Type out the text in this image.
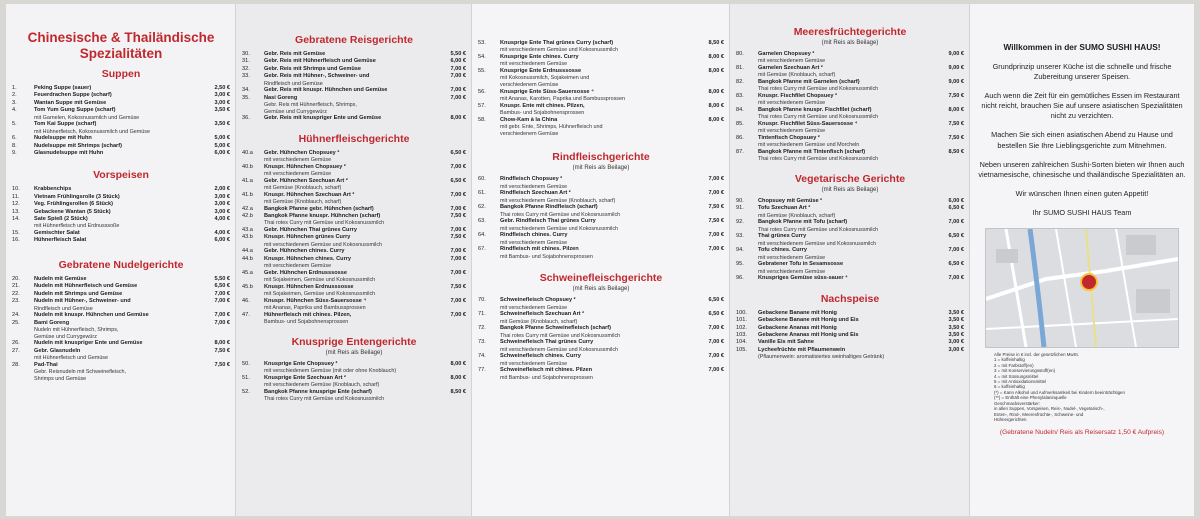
Chinesische & Thailändische
Spezialitäten
Suppen
1.	Peking Suppe (sauer)	2,50 €
2.	Feuerdrachen Suppe (scharf)	3,00 €
3.	Wantan Suppe mit Gemüse	3,00 €
4.	Tom Yum Gung Suppe (scharf)	3,50 €
mit Garnelen, Kokosnussmilch und Gemüse
5.	Tom Kai Suppe (scharf)	3,50 €
mit Hühnerfleisch, Kokosnussmilch und Gemüse
6.	Nudelsuppe mit Huhn	5,00 €
8.	Nudelsuppe mit Shrimps (scharf)	5,00 €
9.	Glasnudelsuppe mit Huhn	6,00 €
Vorspeisen
10.	Krabbenchips	2,00 €
11.	Vietnam Frühlingsrolle (3 Stück)	3,00 €
12.	Veg. Frühlingsrollen (6 Stück)	3,00 €
13.	Gebackene Wantan (5 Stück)	3,00 €
14.	Sate Spieß (2 Stück)	4,00 €
mit Hühnerfleisch und Erdnusssoße
15.	Gemischter Salat	4,00 €
16.	Hühnerfleisch Salat	6,00 €
Gebratene Nudelgerichte
20.	Nudeln mit Gemüse	5,50 €
21.	Nudeln mit Hühnerfleisch und Gemüse	6,50 €
22.	Nudeln mit Shrimps und Gemüse	7,00 €
23.	Nudeln mit Hühner-, Schweiner- und	7,00 €
Rindfleisch und Gemüse
24.	Nudeln mit knuspr. Hühnchen und Gemüse	7,00 €
25.	Bami Goreng	7,00 €
Nudeln mit Hühnerfleisch, Shrimps,
Gemüse und Currygewürz
26.	Nudeln mit knuspriger Ente und Gemüse	8,00 €
27.	Gebr. Glasnudeln	7,50 €
mit Hühnerfleisch und Gemüse
28.	Pad-Thai	7,50 €
Gebr. Reisnudeln mit Schweinefleisch,
Shrimps und Gemüse
Gebratene Reisgerichte
30.	Gebr. Reis mit Gemüse	5,50 €
31.	Gebr. Reis mit Hühnerfleisch und Gemüse	6,00 €
32.	Gebr. Reis mit Shrimps und Gemüse	7,00 €
33.	Gebr. Reis mit Hühner-, Schweiner- und	7,00 €
Rindfleisch und Gemüse
34.	Gebr. Reis mit knuspr. Hühnchen und Gemüse	7,00 €
35.	Nasi Goreng	7,00 €
Gebr. Reis mit Hühnerfleisch, Shrimps,
Gemüse und Currygewürz
36.	Gebr. Reis mit knuspriger Ente und Gemüse	8,00 €
Hühnerfleischgerichte
40.a	Gebr. Hühnchen Chopsuey ²	6,50 €
mit verschiedenem Gemüse
40.b	Knuspr. Hühnchen Chopsuey ²	7,00 €
mit verschiedenem Gemüse
41.a	Gebr. Hühnchen Szechuan Art ²	6,50 €
mit Gemüse (Knoblauch, scharf)
41.b	Knuspr. Hühnchen Szechuan Art ²	7,00 €
mit Gemüse (Knoblauch, scharf)
42.a	Bangkok Pfanne gebr. Hühnchen (scharf)	7,00 €
42.b	Bangkok Pfanne knuspr. Hühnchen (scharf)	7,50 €
Thai rotes Curry mit Gemüse und Kokosnussmilch
43.a	Gebr. Hühnchen Thai grünes Curry	7,00 €
43.b	Knuspr. Hühnchen grünes Curry	7,50 €
mit verschiedenem Gemüse und Kokosnussmilch
44.a	Gebr. Hühnchen chines. Curry	7,00 €
44.b	Knuspr. Hühnchen chines. Curry	7,00 €
mit verschiedenem Gemüse
45.a	Gebr. Hühnchen Erdnusssosse	7,00 €
mit Sojakeimen, Gemüse und Kokosnussmilch
45.b	Knuspr. Hühnchen Erdnusssosse	7,50 €
mit Sojakeimen, Gemüse und Kokosnussmilch
46.	Knuspr. Hühnchen Süss-Sauersosse ⁴	7,00 €
mit Ananas, Paprika und Bambussprossen
47.	Hühnerfleisch mit chines. Pilzen,	7,00 €
Bambus- und Sojabohnensprossen
Knusprige Entengerichte
(mit Reis als Beilage)
50.	Knusprige Ente Chopsuey ²	8,00 €
mit verschiedenem Gemüse (mit oder ohne Knoblauch)
51.	Knusprige Ente Szechuan Art ²	8,00 €
mit verschiedenem Gemüse (Knoblauch, scharf)
52.	Bangkok Pfanne knusprige Ente (scharf)	8,50 €
Thai rotes Curry mit Gemüse und Kokosnussmilch
53.	Knusprige Ente Thai grünes Curry (scharf)	8,50 €
mit verschiedenem Gemüse und Kokosnussmilch
54.	Knusprige Ente chines. Curry	8,00 €
mit verschiedenem Gemüse
55.	Knusprige Ente Erdnusssosse	8,00 €
mit Kokosnussmilch, Sojakeimen und
verschiedenem Gemüse
56.	Knusprige Ente Süss-Sauersosse ⁴	8,00 €
mit Ananas, Karotten, Paprika und Bambussprossen
57.	Knuspr. Ente mit chines. Pilzen,	8,00 €
Bambus- und Sojabohnensprossen
58.	Chow-Kam à la China	8,00 €
mit gebr. Ente, Shrimps, Hühnerfleisch und
verschiedenem Gemüse
Rindfleischgerichte
(mit Reis als Beilage)
60.	Rindfleisch Chopsuey ²	7,00 €
mit verschiedenem Gemüse
61.	Rindfleisch Szechuan Art ²	7,00 €
mit verschiedenem Gemüse (Knoblauch, scharf)
62.	Bangkok Pfanne Rindfleisch (scharf)	7,50 €
Thai rotes Curry mit Gemüse und Kokosnussmilch
63.	Gebr. Rindfleisch Thai grünes Curry	7,50 €
mit verschiedenem Gemüse und Kokosnussmilch
64.	Rindfleisch chines. Curry	7,00 €
mit verschiedenem Gemüse
67.	Rindfleisch mit chines. Pilzen	7,00 €
mit Bambus- und Sojabohnensprossen
Schweinefleischgerichte
(mit Reis als Beilage)
70.	Schweinefleisch Chopsuey ²	6,50 €
mit verschiedenem Gemüse
71.	Schweinefleisch Szechuan Art ²	6,50 €
mit Gemüse (Knoblauch, scharf)
72.	Bangkok Pfanne Schweinefleisch (scharf)	7,00 €
Thai rotes Curry mit Gemüse und Kokosnussmilch
73.	Schweinefleisch Thai grünes Curry	7,00 €
mit verschiedenem Gemüse und Kokosnussmilch
74.	Schweinefleisch chines. Curry	7,00 €
mit verschiedenem Gemüse
77.	Schweinefleisch mit chines. Pilzen	7,00 €
mit Bambus- und Sojabohnensprossen
Meeresfrüchtegerichte
(mit Reis als Beilage)
80.	Garnelen Chopsuey ²	9,00 €
mit verschiedenem Gemüse
81.	Garnelen Szechuan Art ²	9,00 €
mit Gemüse (Knoblauch, scharf)
82.	Bangkok Pfanne mit Garnelen (scharf)	9,00 €
Thai rotes Curry mit Gemüse und Kokosnussmilch
83.	Knuspr. Fischfilet Chopsuey ²	7,50 €
mit verschiedenem Gemüse
84.	Bangkok Pfanne knuspr. Fischfilet (scharf)	8,00 €
Thai rotes Curry mit Gemüse und Kokosnussmilch
85.	Knuspr. Fischfilet Süss-Sauersosse ⁴	7,50 €
mit verschiedenem Gemüse
86.	Tintenfisch Chopsuey ²	7,50 €
mit verschiedenem Gemüse und Morcheln
87.	Bangkok Pfanne mit Tintenfisch (scharf)	8,50 €
Thai rotes Curry mit Gemüse und Kokosnussmilch
Vegetarische Gerichte
(mit Reis als Beilage)
90.	Chopsuey mit Gemüse ²	6,00 €
91.	Tofu Szechuan Art ²	6,50 €
mit Gemüse (Knoblauch, scharf)
92.	Bangkok Pfanne mit Tofu (scharf)	7,00 €
Thai rotes Curry mit Gemüse und Kokosnussmilch
93.	Thai grünes Curry	6,50 €
mit verschiedenem Gemüse und Kokosnussmilch
94.	Tofu chines. Curry	7,00 €
mit verschiedenem Gemüse
95.	Gebratener Tofu in Sesamsosse	6,50 €
mit verschiedenem Gemüse
96.	Knuspriges Gemüse süss-sauer ⁴	7,00 €
Nachspeise
100.	Gebackene Banane mit Honig	3,50 €
101.	Gebackene Banane mit Honig und Eis	3,50 €
102.	Gebackene Ananas mit Honig	3,50 €
103.	Gebackene Ananas mit Honig und Eis	3,50 €
104.	Vanille Eis mit Sahne	3,00 €
105.	Lycheefrüchte mit Pflaumenwein	3,00 €
(Pflaumenwein: aromatisiertes weinhaltiges Getränk)
Willkommen in der SUMO SUSHI HAUS!
Grundprinzip unserer Küche ist die schnelle und frische Zubereitung unserer Speisen.
Auch wenn die Zeit für ein gemütliches Essen im Restaurant nicht reicht, brauchen Sie auf unsere asiatischen Spezialitäten nicht zu verzichten.
Machen Sie sich einen asiatischen Abend zu Hause und bestellen Sie Ihre Lieblingsgerichte zum Mitnehmen.
Neben unseren zahlreichen Sushi-Sorten bieten wir Ihnen auch vietnamesische, chinesische und thailändische Spezialitäten an.
Wir wünschen Ihnen einen guten Appetit!
Ihr SUMO SUSHI HAUS Team
Alle Preise in € incl. der gesetzlichen MwSt.
1 = koffeinhaltig
2 = mit Farbstoff(en)
3 = mit Konservierungsstoff(en)
4 = mit Süssungsmittel
5 = mit Antioxidationsmittel
6 = koffeinhaltig
(*) = Kann Alkohol und Aufmerksamkeit bei Kindern beeinträchtigen
(**) = Enthält eine Phenylalaninquelle
Geschmacksverstärker:
in allen Suppen, Vorspeisen, Reis-, Nudel-, Vegetarisch-,
Enten-, Rind-, Meeresfrüchte-, Schweine- und
Hühnergerichten
(Gebratene Nudeln/ Reis als Reisersatz 1,50 € Aufpreis)
